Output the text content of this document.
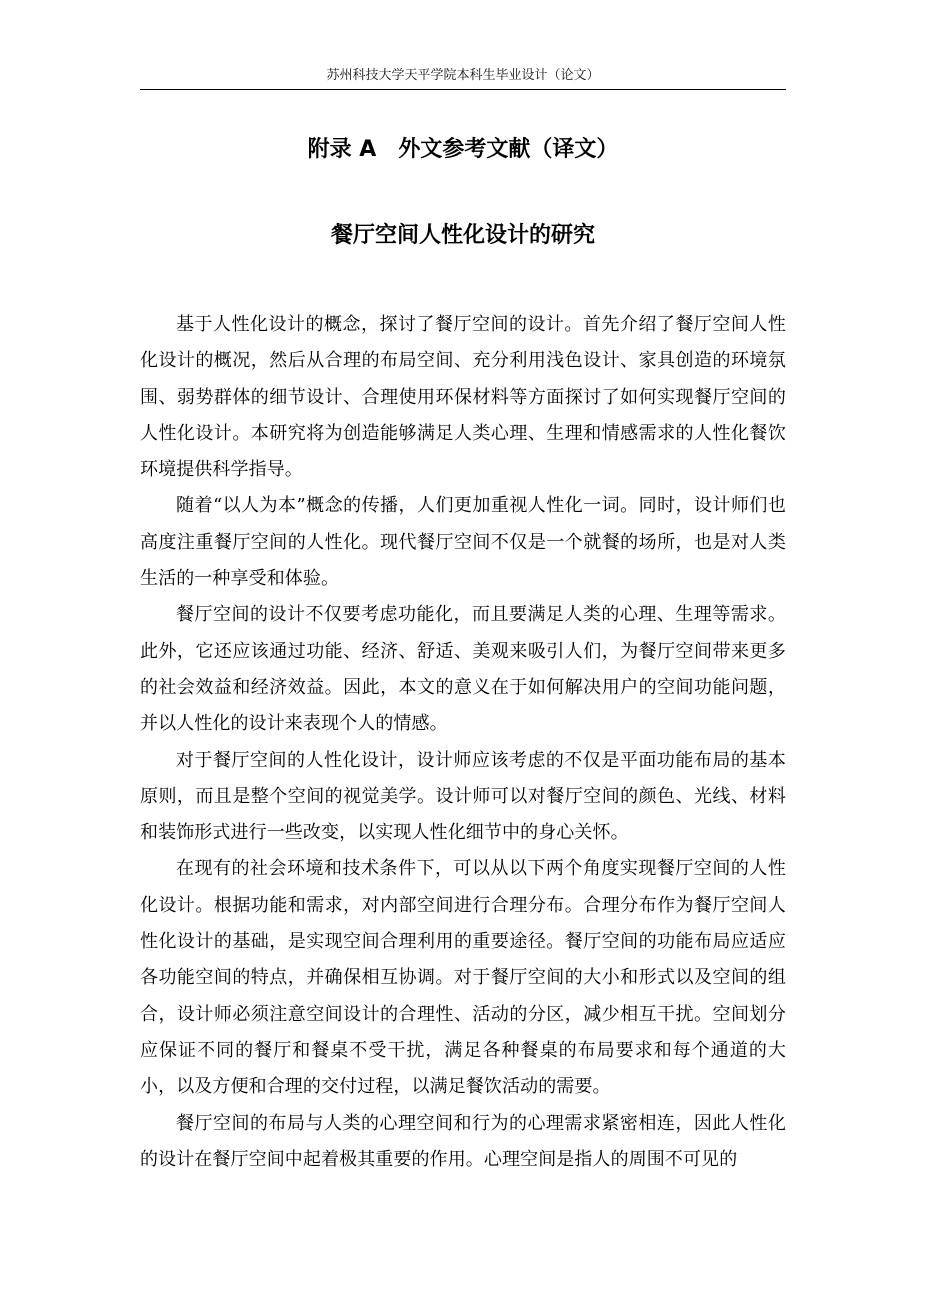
苏州科技大学天平学院本科生毕业设计（论文）
附录 A 外文参考文献（译文）
餐厅空间人性化设计的研究

基于人性化设计的概念，探讨了餐厅空间的设计。首先介绍了餐厅空间人性化设计的概况，然后从合理的布局空间、充分利用浅色设计、家具创造的环境氛围、弱势群体的细节设计、合理使用环保材料等方面探讨了如何实现餐厅空间的人性化设计。本研究将为创造能够满足人类心理、生理和情感需求的人性化餐饮环境提供科学指导。

随着“以人为本”概念的传播，人们更加重视人性化一词。同时，设计师们也高度注重餐厅空间的人性化。现代餐厅空间不仅是一个就餐的场所，也是对人类生活的一种享受和体验。

餐厅空间的设计不仅要考虑功能化，而且要满足人类的心理、生理等需求。此外，它还应该通过功能、经济、舒适、美观来吸引人们，为餐厅空间带来更多的社会效益和经济效益。因此，本文的意义在于如何解决用户的空间功能问题，并以人性化的设计来表现个人的情感。

对于餐厅空间的人性化设计，设计师应该考虑的不仅是平面功能布局的基本原则，而且是整个空间的视觉美学。设计师可以对餐厅空间的颜色、光线、材料和装饰形式进行一些改变，以实现人性化细节中的身心关怀。

在现有的社会环境和技术条件下，可以从以下两个角度实现餐厅空间的人性化设计。根据功能和需求，对内部空间进行合理分布。合理分布作为餐厅空间人性化设计的基础，是实现空间合理利用的重要途径。餐厅空间的功能布局应适应各功能空间的特点，并确保相互协调。对于餐厅空间的大小和形式以及空间的组合，设计师必须注意空间设计的合理性、活动的分区，减少相互干扰。空间划分应保证不同的餐厅和餐桌不受干扰，满足各种餐桌的布局要求和每个通道的大小，以及方便和合理的交付过程，以满足餐饮活动的需要。

餐厅空间的布局与人类的心理空间和行为的心理需求紧密相连，因此人性化的设计在餐厅空间中起着极其重要的作用。心理空间是指人的周围不可见的
